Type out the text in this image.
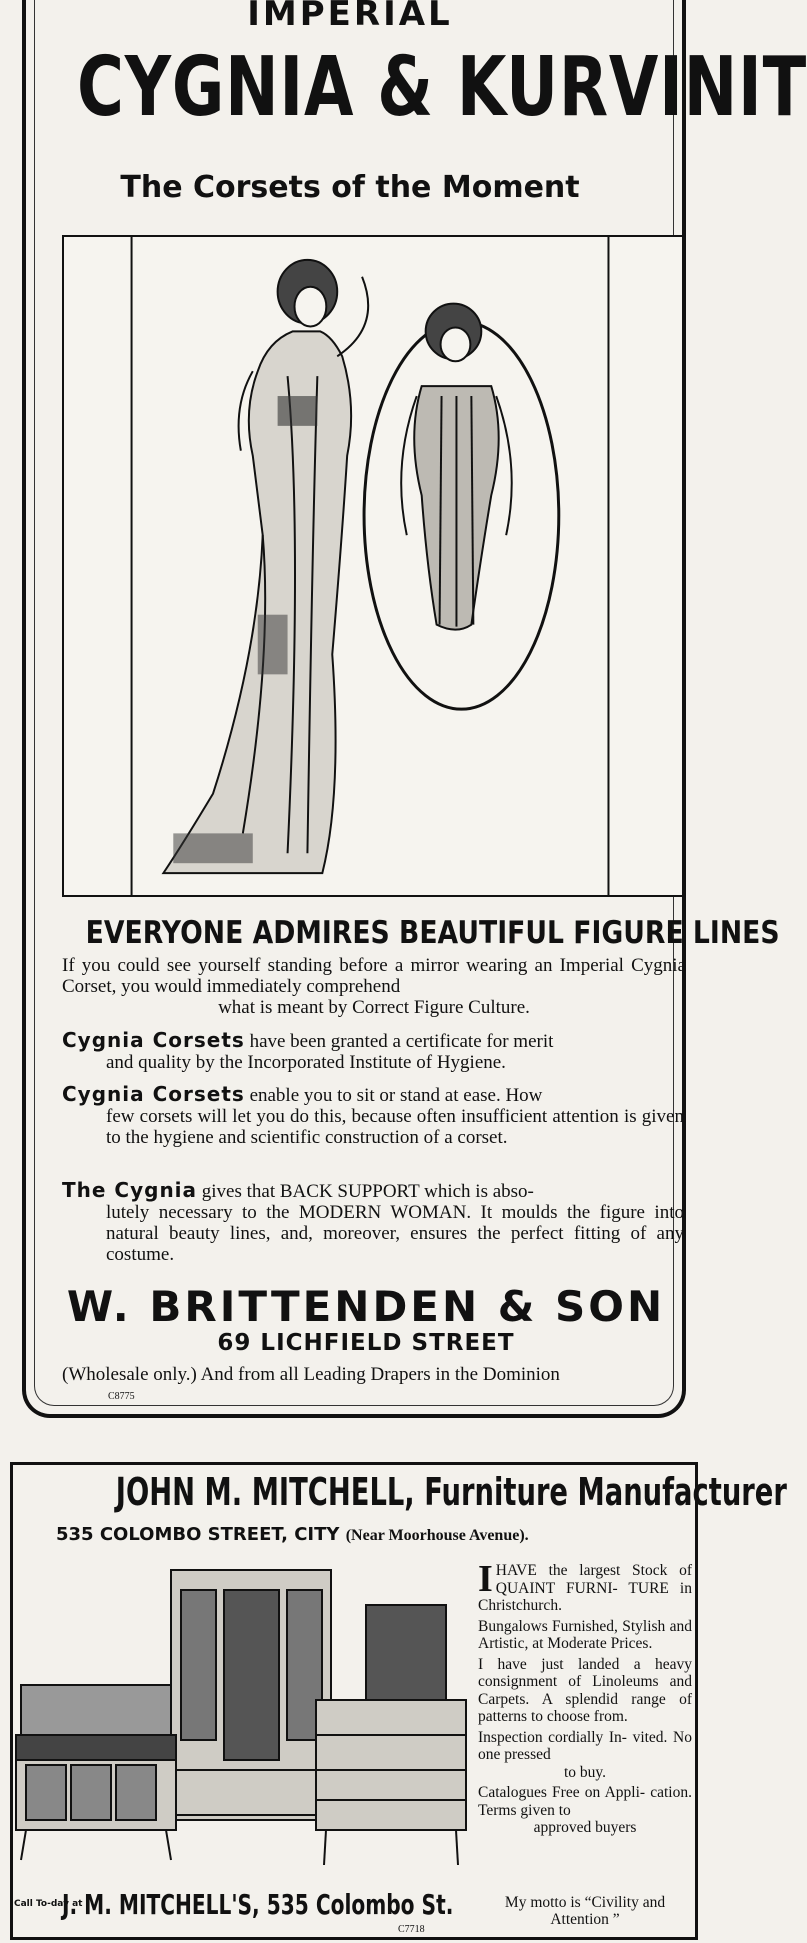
IMPERIAL
CYGNIA & KURVINIT
The Corsets of the Moment
EVERYONE ADMIRES BEAUTIFUL FIGURE LINES
If you could see yourself standing before a mirror wearing an Imperial Cygnia Corset, you would immediately comprehend
what is meant by Correct Figure Culture.
Cygnia Corsets have been granted a certificate for merit
and quality by the Incorporated Institute of Hygiene.
Cygnia Corsets enable you to sit or stand at ease. How
few corsets will let you do this, because often insufficient attention is given to the hygiene and scientific construction of a corset.
The Cygnia gives that BACK SUPPORT which is abso-
lutely necessary to the MODERN WOMAN. It moulds the figure into natural beauty lines, and, moreover, ensures the perfect fitting of any costume.
W. BRITTENDEN & SON
69 LICHFIELD STREET
(Wholesale only.) And from all Leading Drapers in the Dominion
C8775
JOHN M. MITCHELL, Furniture Manufacturer
535 COLOMBO STREET, CITY (Near Moorhouse Avenue).

IHAVE the largest Stock of QUAINT FURNI- TURE in Christchurch.

Bungalows Furnished, Stylish and Artistic, at Moderate Prices.

I have just landed a heavy consignment of Linoleums and Carpets. A splendid range of patterns to choose from.

Inspection cordially In- vited. No one pressed
to buy.

Catalogues Free on Appli- cation. Terms given to
approved buyers

Call To-day at
J. M. MITCHELL'S, 535 Colombo St.	My motto is “Civility and Attention ”
C7718
